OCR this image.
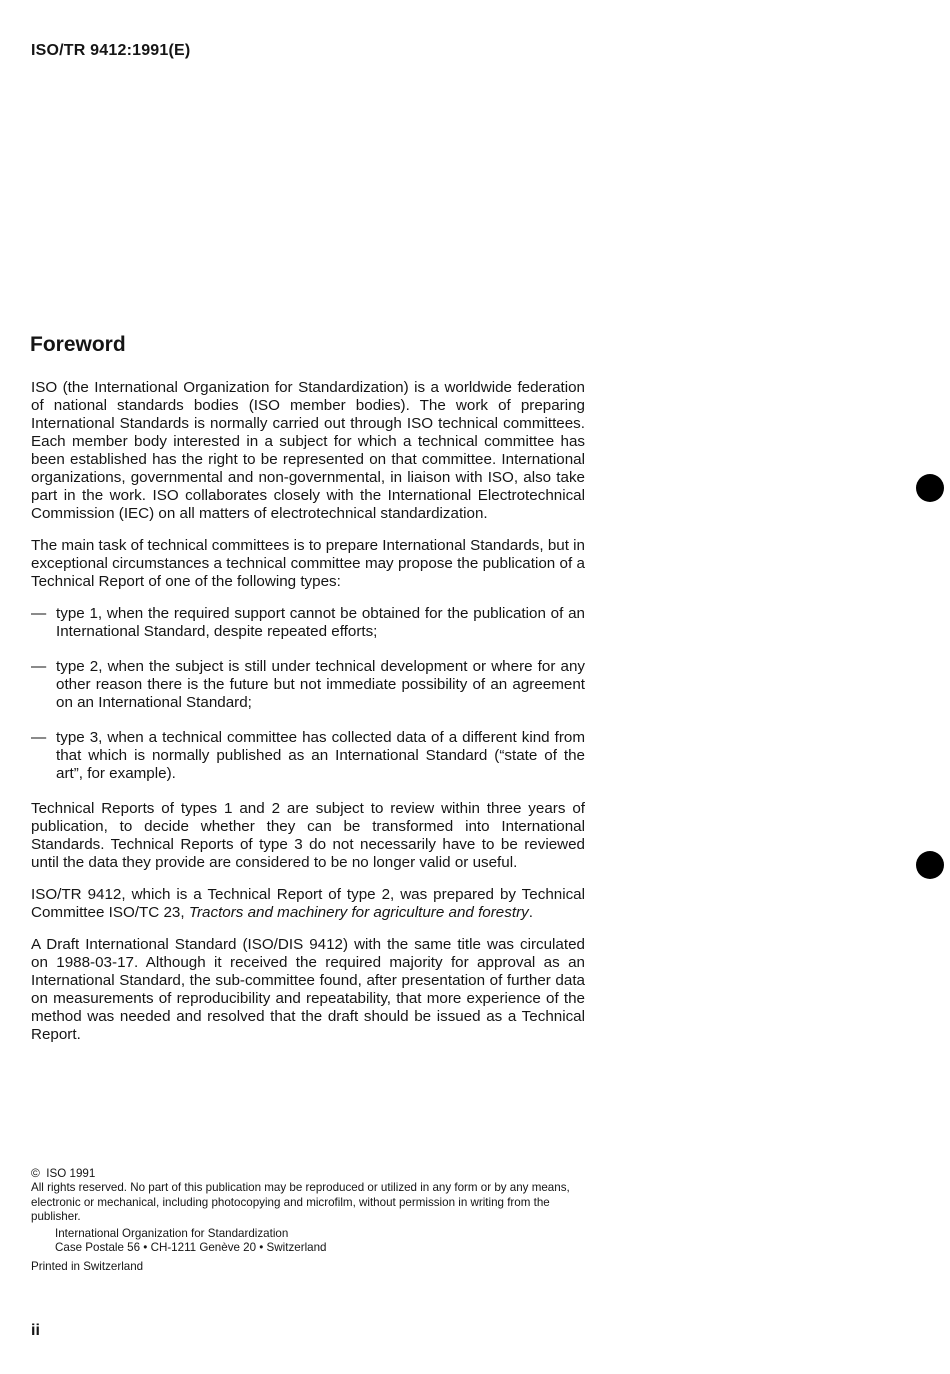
ISO/TR 9412:1991(E)
Foreword

ISO (the International Organization for Standardization) is a worldwide federation of national standards bodies (ISO member bodies). The work of preparing International Standards is normally carried out through ISO technical committees. Each member body interested in a subject for which a technical committee has been established has the right to be represented on that committee. International organizations, governmental and non-governmental, in liaison with ISO, also take part in the work. ISO collaborates closely with the International Electrotechnical Commission (IEC) on all matters of electrotechnical standardization.

The main task of technical committees is to prepare International Standards, but in exceptional circumstances a technical committee may propose the publication of a Technical Report of one of the following types:

— type 1, when the required support cannot be obtained for the publication of an International Standard, despite repeated efforts;
— type 2, when the subject is still under technical development or where for any other reason there is the future but not immediate possibility of an agreement on an International Standard;
— type 3, when a technical committee has collected data of a different kind from that which is normally published as an International Standard (“state of the art”, for example).

Technical Reports of types 1 and 2 are subject to review within three years of publication, to decide whether they can be transformed into International Standards. Technical Reports of type 3 do not necessarily have to be reviewed until the data they provide are considered to be no longer valid or useful.

ISO/TR 9412, which is a Technical Report of type 2, was prepared by Technical Committee ISO/TC 23, Tractors and machinery for agriculture and forestry.

A Draft International Standard (ISO/DIS 9412) with the same title was circulated on 1988-03-17. Although it received the required majority for approval as an International Standard, the sub-committee found, after presentation of further data on measurements of reproducibility and repeatability, that more experience of the method was needed and resolved that the draft should be issued as a Technical Report.

© ISO 1991
All rights reserved. No part of this publication may be reproduced or utilized in any form or by any means, electronic or mechanical, including photocopying and microfilm, without permission in writing from the publisher.
International Organization for Standardization
Case Postale 56 • CH-1211 Genève 20 • Switzerland
Printed in Switzerland
ii
